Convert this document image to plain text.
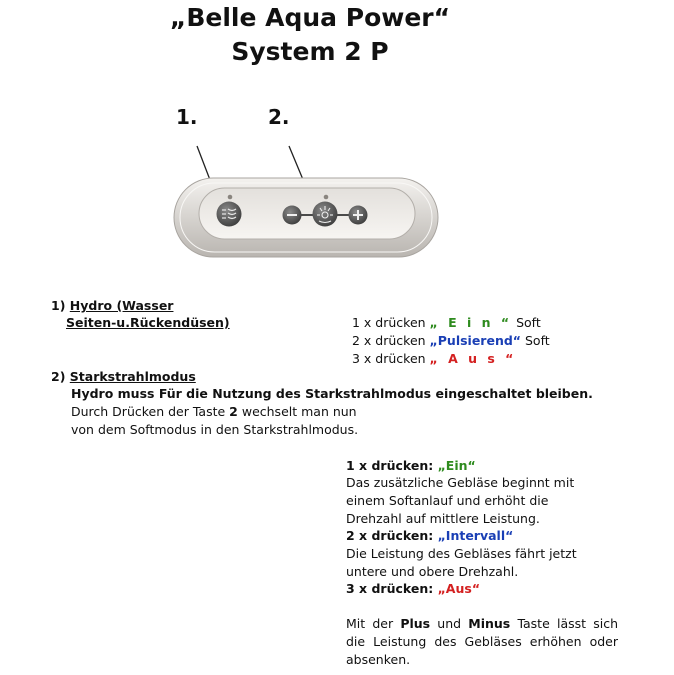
„Belle Aqua Power“
System 2 P
1.	2.
1) Hydro (Wasser
Seiten-u.Rückendüsen)	1 x drücken „ E i n “ Soft
2 x drücken „Pulsierend“ Soft
3 x drücken „ A u s “
2) Starkstrahlmodus
Hydro muss Für die Nutzung des Starkstrahlmodus eingeschaltet bleiben.
Durch Drücken der Taste 2 wechselt man nun
von dem Softmodus in den Starkstrahlmodus.
1 x drücken: „Ein“
Das zusätzliche Gebläse beginnt mit einem Softanlauf und erhöht die Drehzahl auf mittlere Leistung.
2 x drücken: „Intervall“
Die Leistung des Gebläses fährt jetzt untere und obere Drehzahl.
3 x drücken: „Aus“
Mit der Plus und Minus Taste lässt sich die Leistung des Gebläses erhöhen oder absenken.
